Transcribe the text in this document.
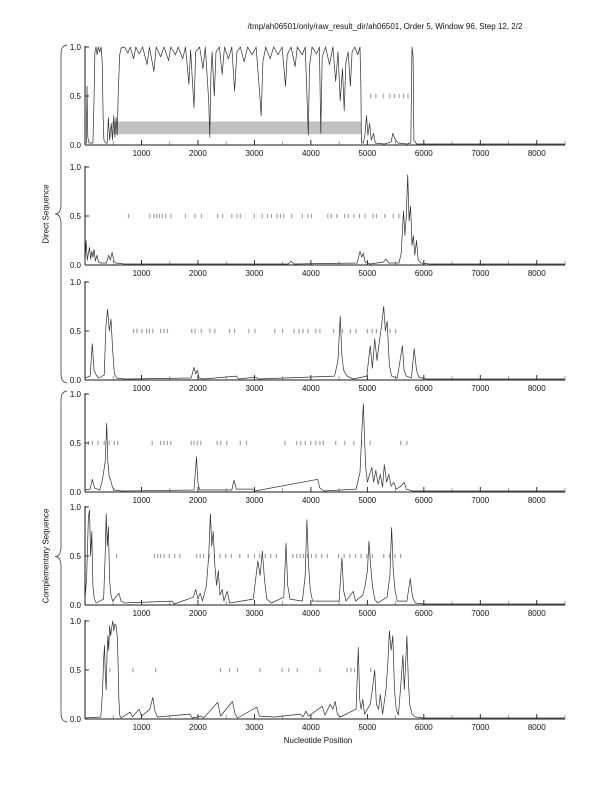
/tmp/ah06501/only/raw_result_dir/ah06501, Order 5, Window 96, Step 12, 2/2
Direct Sequence
Complementary Sequence
1000	2000	3000	4000	5000	6000	7000	8000
0.0
0.5
1.0
1000	2000	3000	4000	5000	6000	7000	8000
0.0
0.5
1.0
1000	2000	3000	4000	5000	6000	7000	8000
0.0
0.5
1.0
1000	2000	3000	4000	5000	6000	7000	8000
0.0
0.5
1.0
1000	2000	3000	4000	5000	6000	7000	8000
0.0
0.5
1.0
1000	2000	3000	4000	5000	6000	7000	8000
0.0
0.5
1.0
Nucleotide Position
